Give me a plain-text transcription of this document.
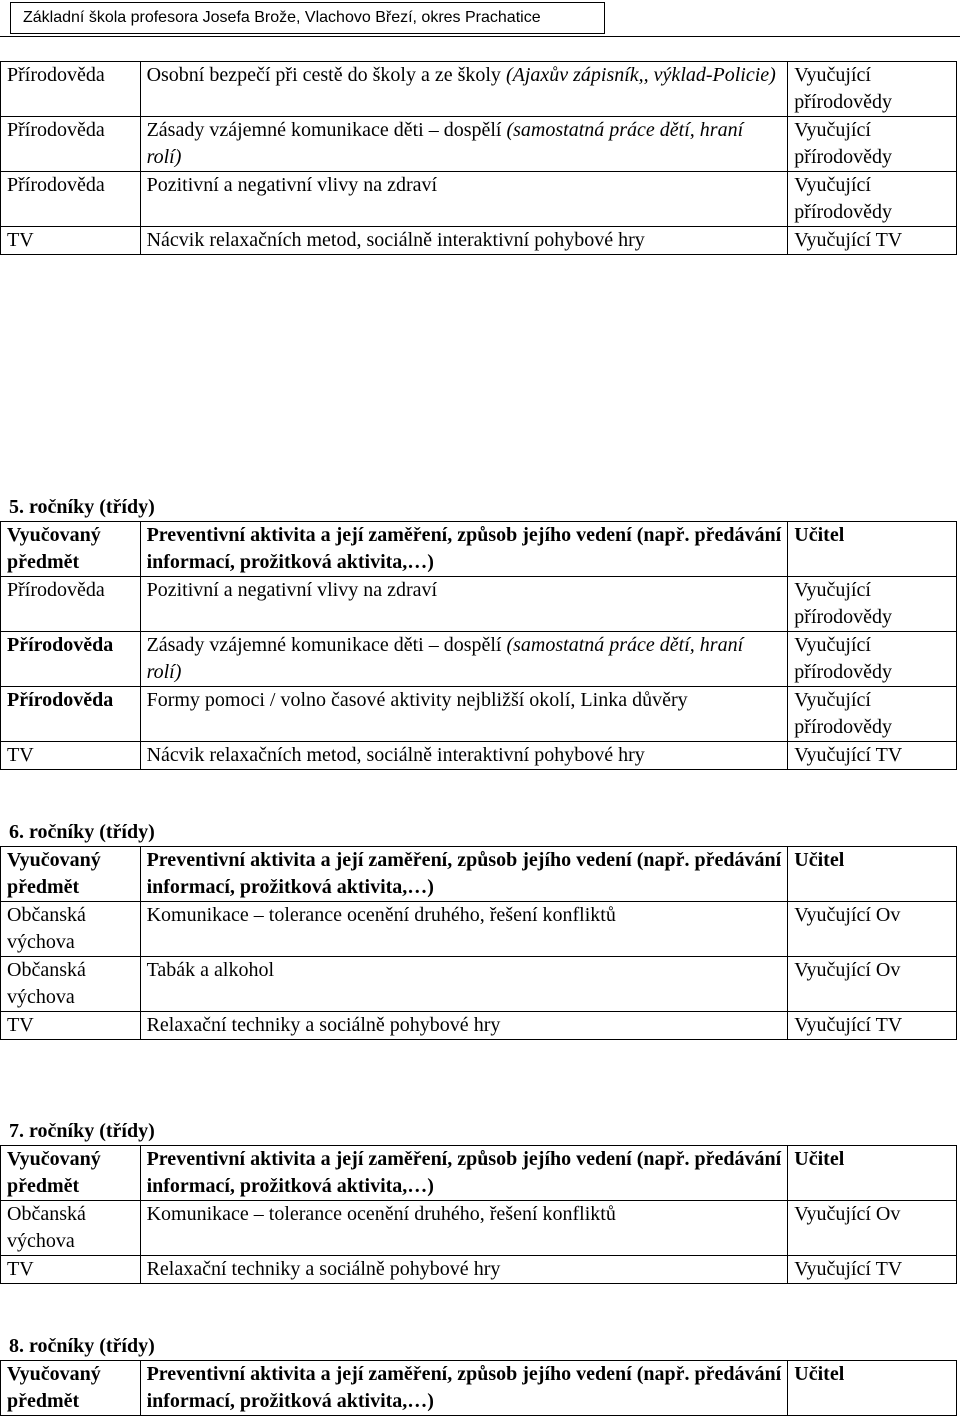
Základní škola profesora Josefa Brože, Vlachovo Březí, okres Prachatice
Přírodověda	Osobní bezpečí při cestě do školy a ze školy (Ajaxův zápisník,, výklad-Policie)	Vyučující přírodovědy
Přírodověda	Zásady vzájemné komunikace děti – dospělí (samostatná práce dětí, hraní rolí)	Vyučující přírodovědy
Přírodověda	Pozitivní a negativní vlivy na zdraví	Vyučující přírodovědy
TV	Nácvik relaxačních metod, sociálně interaktivní pohybové hry	Vyučující TV
5. ročníky (třídy)
Vyučovaný předmět	Preventivní aktivita a její zaměření, způsob jejího vedení (např. předávání informací, prožitková aktivita,…)	Učitel
Přírodověda	Pozitivní a negativní vlivy na zdraví	Vyučující přírodovědy
Přírodověda	Zásady vzájemné komunikace děti – dospělí (samostatná práce dětí, hraní rolí)	Vyučující přírodovědy
Přírodověda	Formy pomoci / volno časové aktivity nejbližší okolí, Linka důvěry	Vyučující přírodovědy
TV	Nácvik relaxačních metod, sociálně interaktivní pohybové hry	Vyučující TV
6. ročníky (třídy)
Vyučovaný předmět	Preventivní aktivita a její zaměření, způsob jejího vedení (např. předávání informací, prožitková aktivita,…)	Učitel
Občanská výchova	Komunikace – tolerance ocenění druhého, řešení konfliktů	Vyučující Ov
Občanská výchova	Tabák a alkohol	Vyučující Ov
TV	Relaxační techniky a sociálně pohybové hry	Vyučující TV
7. ročníky (třídy)
Vyučovaný předmět	Preventivní aktivita a její zaměření, způsob jejího vedení (např. předávání informací, prožitková aktivita,…)	Učitel
Občanská výchova	Komunikace – tolerance ocenění druhého, řešení konfliktů	Vyučující Ov
TV	Relaxační techniky a sociálně pohybové hry	Vyučující TV
8. ročníky (třídy)
Vyučovaný předmět	Preventivní aktivita a její zaměření, způsob jejího vedení (např. předávání informací, prožitková aktivita,…)	Učitel
